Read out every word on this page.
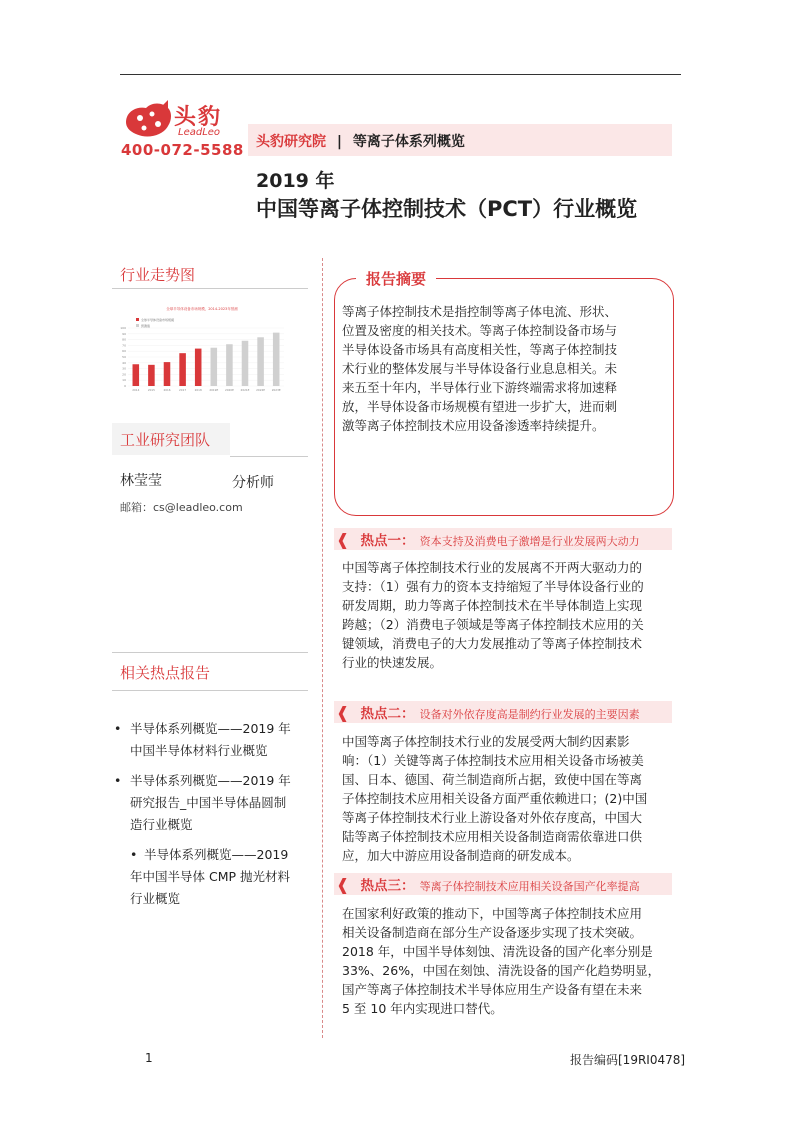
头豹
LeadLeo
400-072-5588 头豹研究院 | 等离子体系列概览
2019 年
中国等离子体控制技术（PCT）行业概览
行业走势图
全球半导体设备市场规模，2014-2023年预测
0
10
20
30
40
50
60
70
80
90
100
2014	2015	2016	2017	2018	2019E 2020E 2021E 2022E 2023E
全球半导体设备市场规模
预测值
工业研究团队
林莹莹	分析师
邮箱：cs@leadleo.com
相关热点报告
• 半导体系列概览——2019 年
中国半导体材料行业概览
• 半导体系列概览——2019 年
研究报告_中国半导体晶圆制
造行业概览
• 半导体系列概览——2019
年中国半导体 CMP 抛光材料
行业概览
报告摘要
等离子体控制技术是指控制等离子体电流、形状、
位置及密度的相关技术。等离子体控制设备市场与
半导体设备市场具有高度相关性，等离子体控制技
术行业的整体发展与半导体设备行业息息相关。未
来五至十年内，半导体行业下游终端需求将加速释
放，半导体设备市场规模有望进一步扩大，进而刺
激等离子体控制技术应用设备渗透率持续提升。
❰ 热点一： 资本支持及消费电子激增是行业发展两大动力
中国等离子体控制技术行业的发展离不开两大驱动力的
支持：（1）强有力的资本支持缩短了半导体设备行业的
研发周期，助力等离子体控制技术在半导体制造上实现
跨越；（2）消费电子领域是等离子体控制技术应用的关
键领域，消费电子的大力发展推动了等离子体控制技术
行业的快速发展。
❰ 热点二： 设备对外依存度高是制约行业发展的主要因素
中国等离子体控制技术行业的发展受两大制约因素影
响：（1）关键等离子体控制技术应用相关设备市场被美
国、日本、德国、荷兰制造商所占据，致使中国在等离
子体控制技术应用相关设备方面严重依赖进口；(2)中国
等离子体控制技术行业上游设备对外依存度高，中国大
陆等离子体控制技术应用相关设备制造商需依靠进口供
应，加大中游应用设备制造商的研发成本。
❰ 热点三： 等离子体控制技术应用相关设备国产化率提高
在国家利好政策的推动下，中国等离子体控制技术应用
相关设备制造商在部分生产设备逐步实现了技术突破。
2018 年，中国半导体刻蚀、清洗设备的国产化率分别是
33%、26%，中国在刻蚀、清洗设备的国产化趋势明显，
国产等离子体控制技术半导体应用生产设备有望在未来
5 至 10 年内实现进口替代。
1	报告编码[19RI0478]
